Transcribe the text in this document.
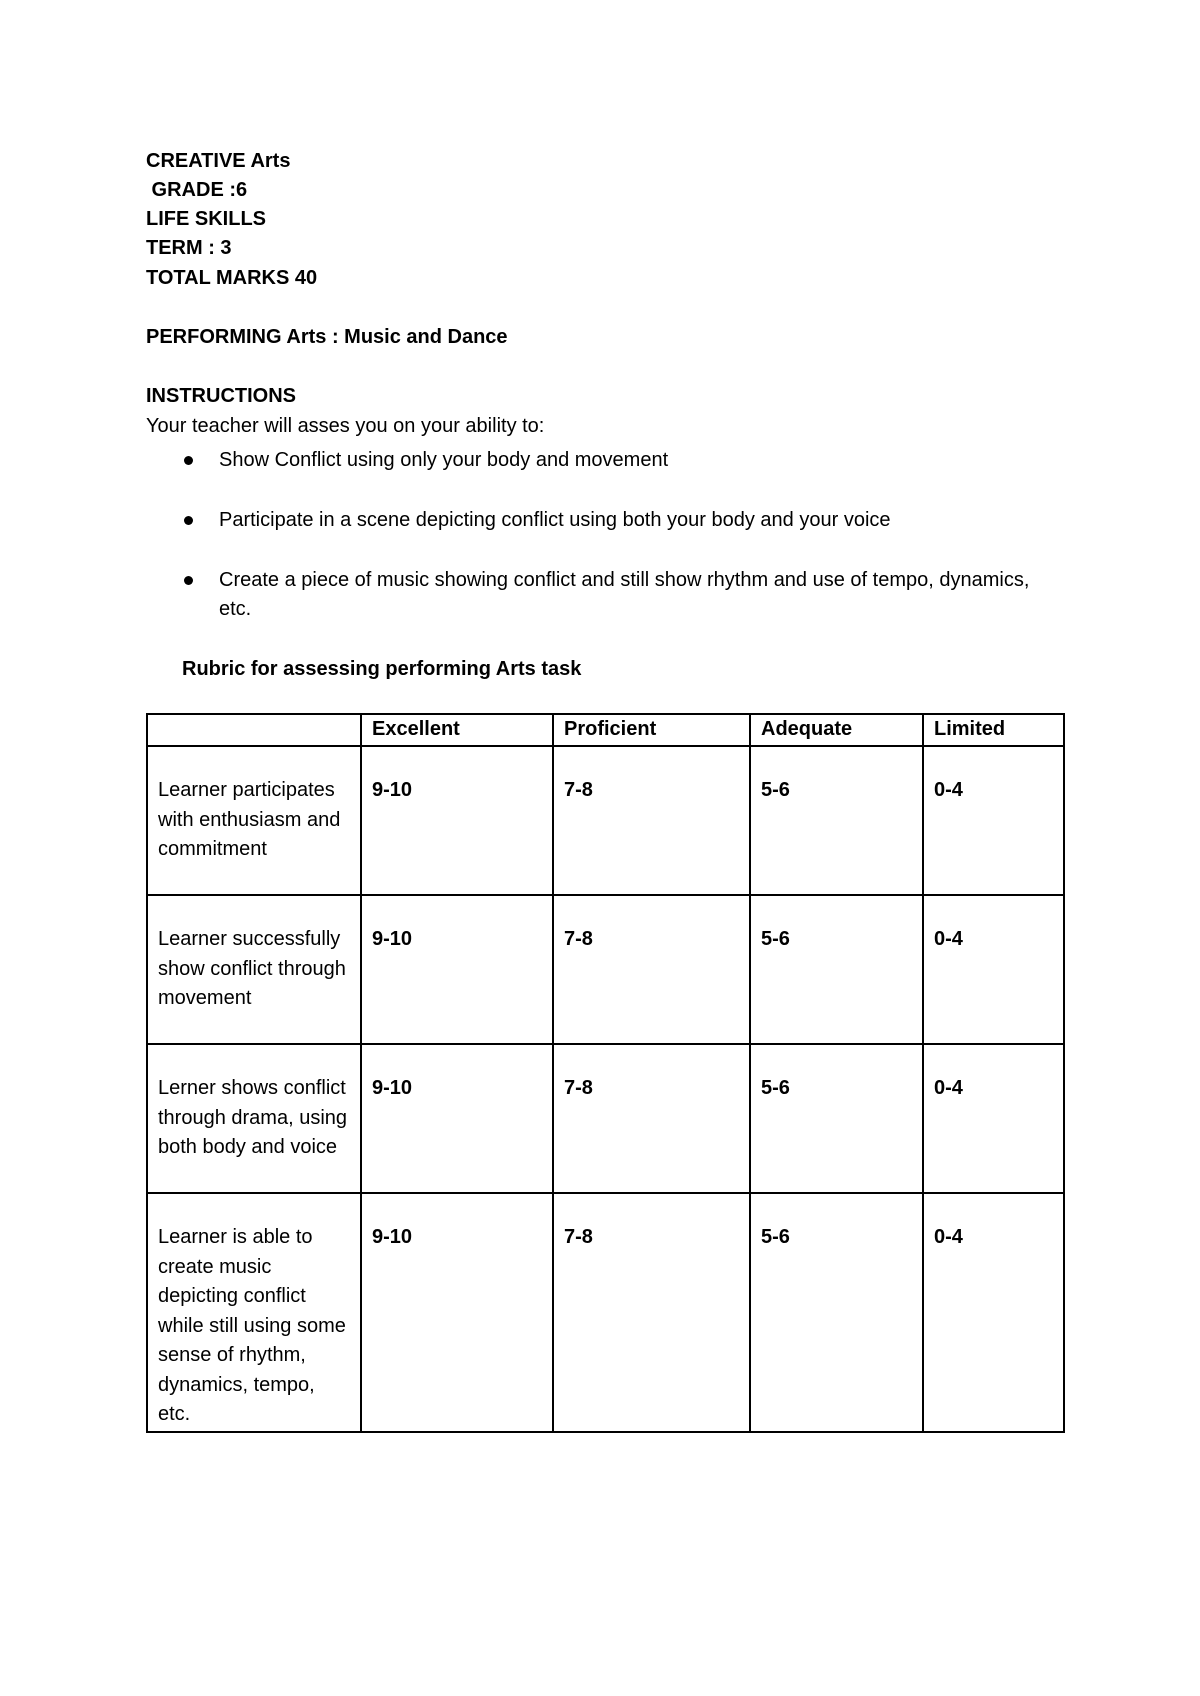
CREATIVE Arts
GRADE :6
LIFE SKILLS
TERM : 3
TOTAL MARKS 40
PERFORMING Arts : Music and Dance
INSTRUCTIONS
Your teacher will asses you on your ability to:
Show Conflict using only your body and movement
Participate in a scene depicting conflict using both your body and your voice
Create a piece of music showing conflict and still show rhythm and use of tempo, dynamics, etc.
Rubric for assessing performing Arts task
	Excellent	Proficient	Adequate	Limited
Learner participates with enthusiasm and commitment	9-10	7-8	5-6	0-4
Learner successfully show conflict through movement	9-10	7-8	5-6	0-4
Lerner shows conflict through drama, using both body and voice	9-10	7-8	5-6	0-4
Learner is able to create music depicting conflict while still using some sense of rhythm, dynamics, tempo, etc.	9-10	7-8	5-6	0-4
